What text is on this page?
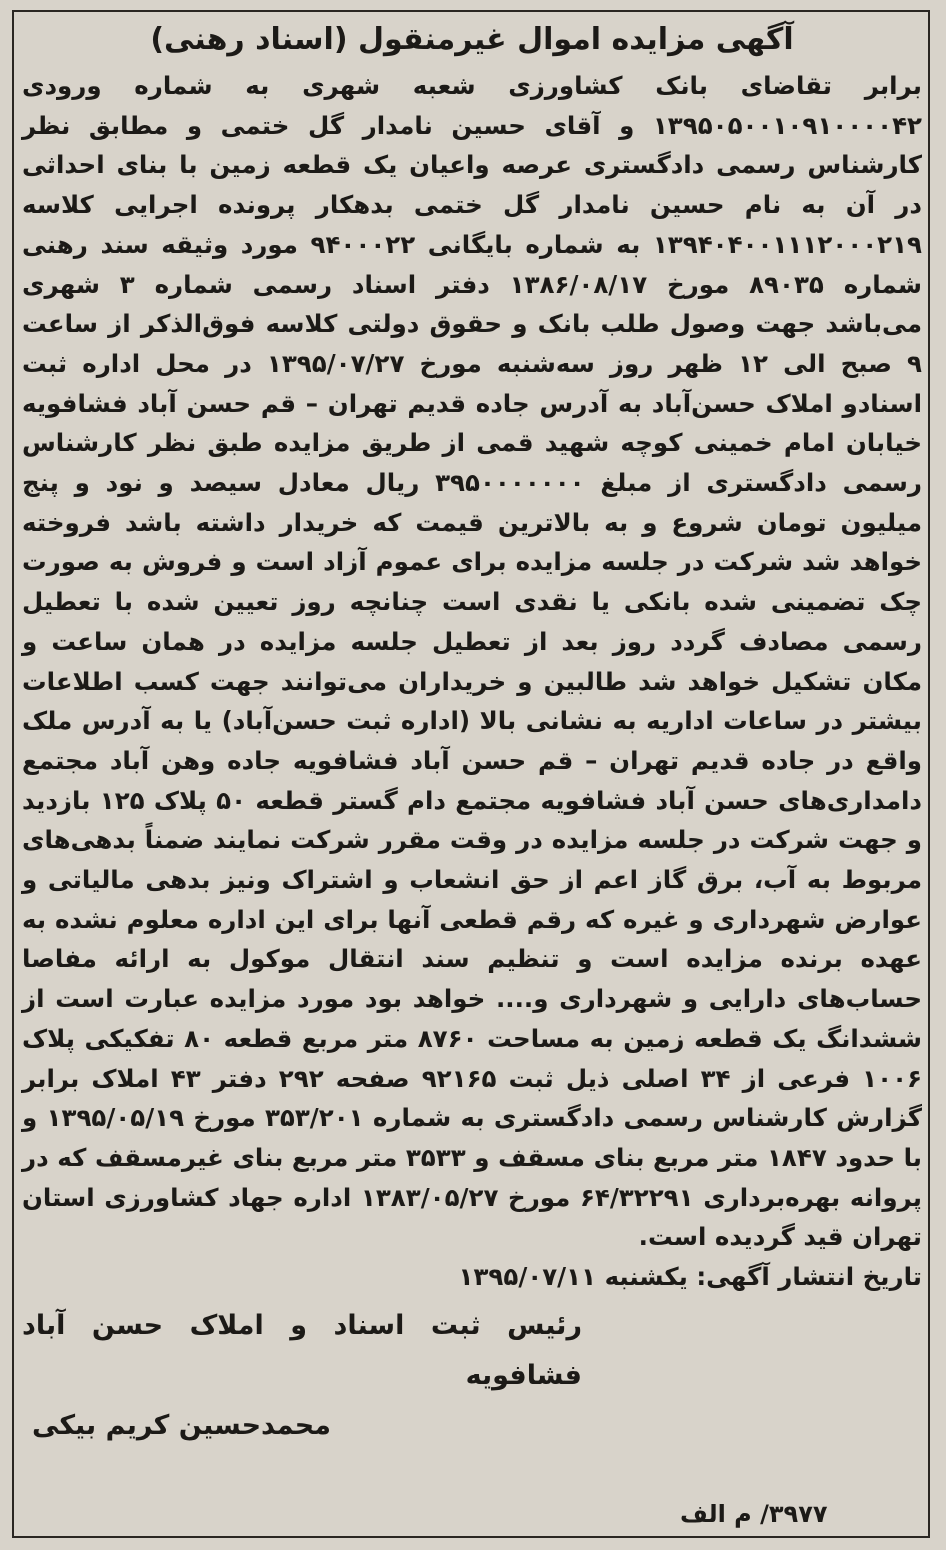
آگهی مزایده اموال غیرمنقول (اسناد رهنی)

برابر تقاضای بانک کشاورزی شعبه شهری به شماره ورودی ۱۳۹۵۰۵۰۰۱۰۹۱۰۰۰۰۴۲ و آقای حسین نامدار گل ختمی و مطابق نظر کارشناس رسمی دادگستری عرصه واعیان یک قطعه زمین با بنای احداثی در آن به نام حسین نامدار گل ختمی بدهکار پرونده اجرایی کلاسه ۱۳۹۴۰۴۰۰۱۱۱۲۰۰۰۲۱۹ به شماره بایگانی ۹۴۰۰۰۲۲ مورد وثیقه سند رهنی شماره ۸۹۰۳۵ مورخ ۱۳۸۶/۰۸/۱۷ دفتر اسناد رسمی شماره ۳ شهری می‌باشد جهت وصول طلب بانک و حقوق دولتی کلاسه فوق‌الذکر از ساعت ۹ صبح الی ۱۲ ظهر روز سه‌شنبه مورخ ۱۳۹۵/۰۷/۲۷ در محل اداره ثبت اسنادو املاک حسن‌آباد به آدرس جاده قدیم تهران – قم حسن آباد فشافویه خیابان امام خمینی کوچه شهید قمی از طریق مزایده طبق نظر کارشناس رسمی دادگستری از مبلغ ۳۹۵۰۰۰۰۰۰۰ ریال معادل سیصد و نود و پنج میلیون تومان شروع و به بالاترین قیمت که خریدار داشته باشد فروخته خواهد شد شرکت در جلسه مزایده برای عموم آزاد است و فروش به صورت چک تضمینی شده بانکی یا نقدی است چنانچه روز تعیین شده با تعطیل رسمی مصادف گردد روز بعد از تعطیل جلسه مزایده در همان ساعت و مکان تشکیل خواهد شد طالبین و خریداران می‌توانند جهت کسب اطلاعات بیشتر در ساعات اداریه به نشانی بالا (اداره ثبت حسن‌آباد) یا به آدرس ملک واقع در جاده قدیم تهران – قم حسن آباد فشافویه جاده وهن آباد مجتمع دامداری‌های حسن آباد فشافویه مجتمع دام گستر قطعه ۵۰ پلاک ۱۲۵ بازدید و جهت شرکت در جلسه مزایده در وقت مقرر شرکت نمایند ضمناً بدهی‌های مربوط به آب، برق گاز اعم از حق انشعاب و اشتراک ونیز بدهی مالیاتی و عوارض شهرداری و غیره که رقم قطعی آنها برای این اداره معلوم نشده به عهده برنده مزایده است و تنظیم سند انتقال موکول به ارائه مفاصا حساب‌های دارایی و شهرداری و.... خواهد بود مورد مزایده عبارت است از ششدانگ یک قطعه زمین به مساحت ۸۷۶۰ متر مربع قطعه ۸۰ تفکیکی پلاک ۱۰۰۶ فرعی از ۳۴ اصلی ذیل ثبت ۹۲۱۶۵ صفحه ۲۹۲ دفتر ۴۳ املاک برابر گزارش کارشناس رسمی دادگستری به شماره ۳۵۳/۲۰۱ مورخ ۱۳۹۵/۰۵/۱۹ و با حدود ۱۸۴۷ متر مربع بنای مسقف و ۳۵۳۳ متر مربع بنای غیرمسقف که در پروانه بهره‌برداری ۶۴/۳۲۲۹۱ مورخ ۱۳۸۳/۰۵/۲۷ اداره جهاد کشاورزی استان تهران قید گردیده است.

تاریخ انتشار آگهی: یکشنبه ۱۳۹۵/۰۷/۱۱

رئیس ثبت اسناد و املاک حسن آباد فشافویه

محمدحسین کریم بیکی

۳۹۷۷/ م الف
